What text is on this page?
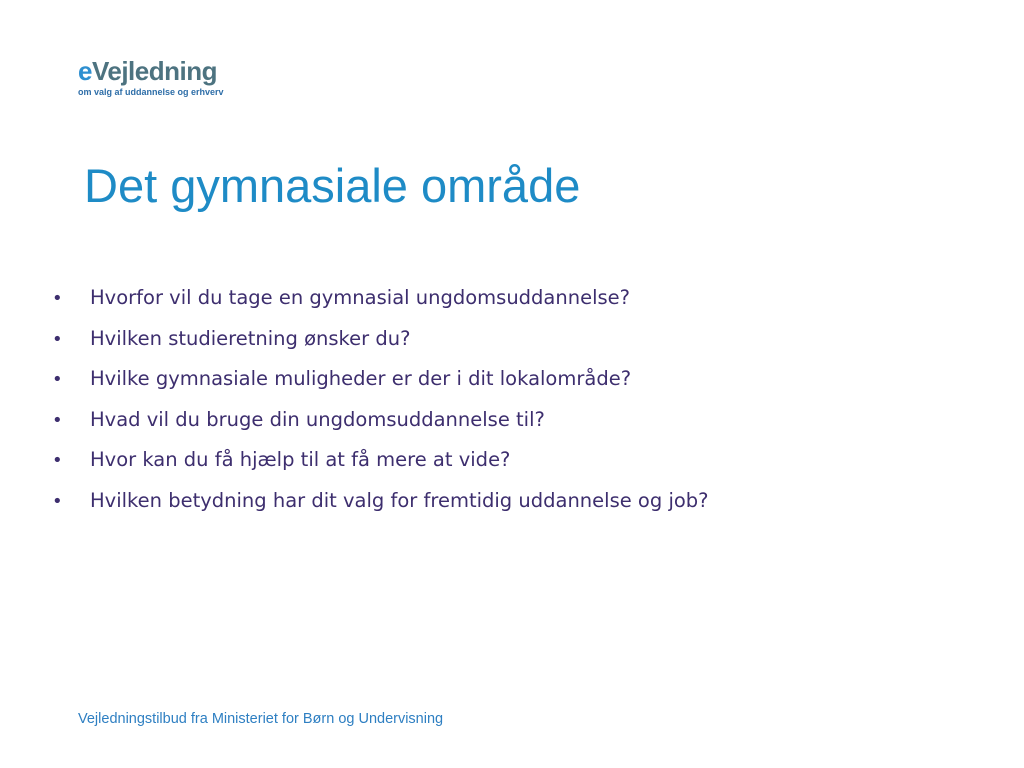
eVejledning
om valg af uddannelse og erhverv
Det gymnasiale område
•	Hvorfor vil du tage en gymnasial ungdomsuddannelse?
•	Hvilken studieretning ønsker du?
•	Hvilke gymnasiale muligheder er der i dit lokalområde?
•	Hvad vil du bruge din ungdomsuddannelse til?
•	Hvor kan du få hjælp til at få mere at vide?
•	Hvilken betydning har dit valg for fremtidig uddannelse og job?
Vejledningstilbud fra Ministeriet for Børn og Undervisning
